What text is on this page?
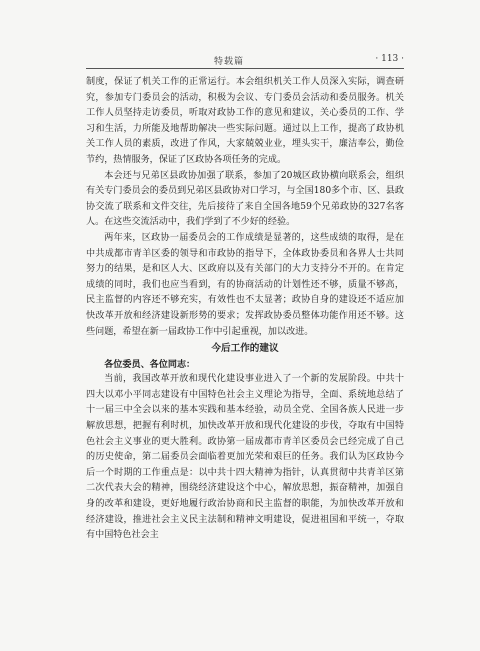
特载篇	· 113 ·

制度，保证了机关工作的正常运行。本会组织机关工作人员深入实际，调查研究，参加专门委员会的活动，积极为会议、专门委员会活动和委员服务。机关工作人员坚持走访委员，听取对政协工作的意见和建议，关心委员的工作、学习和生活，力所能及地帮助解决一些实际问题。通过以上工作，提高了政协机关工作人员的素质，改进了作风，大家兢兢业业，埋头实干，廉洁奉公，勤俭节约，热情服务，保证了区政协各项任务的完成。

本会还与兄弟区县政协加强了联系，参加了20城区政协横向联系会，组织有关专门委员会的委员到兄弟区县政协对口学习，与全国180多个市、区、县政协交流了联系和文件交往，先后接待了来自全国各地59个兄弟政协的327名客人。在这些交流活动中，我们学到了不少好的经验。

两年来，区政协一届委员会的工作成绩是显著的，这些成绩的取得，是在中共成都市青羊区委的领导和市政协的指导下，全体政协委员和各界人士共同努力的结果，是和区人大、区政府以及有关部门的大力支持分不开的。在肯定成绩的同时，我们也应当看到，有的协商活动的计划性还不够，质量不够高，民主监督的内容还不够充实，有效性也不太显著；政协自身的建设还不适应加快改革开放和经济建设新形势的要求；发挥政协委员整体功能作用还不够。这些问题，希望在新一届政协工作中引起重视，加以改进。

今后工作的建议

各位委员、各位同志：

当前，我国改革开放和现代化建设事业进入了一个新的发展阶段。中共十四大以邓小平同志建设有中国特色社会主义理论为指导，全面、系统地总结了十一届三中全会以来的基本实践和基本经验，动员全党、全国各族人民进一步解放思想，把握有利时机，加快改革开放和现代化建设的步伐，夺取有中国特色社会主义事业的更大胜利。政协第一届成都市青羊区委员会已经完成了自己的历史使命，第二届委员会面临着更加光荣和艰巨的任务。我们认为区政协今后一个时期的工作重点是：以中共十四大精神为指针，认真贯彻中共青羊区第二次代表大会的精神，围绕经济建设这个中心，解放思想，振奋精神，加强自身的改革和建设，更好地履行政治协商和民主监督的职能，为加快改革开放和经济建设，推进社会主义民主法制和精神文明建设，促进祖国和平统一，夺取有中国特色社会主
